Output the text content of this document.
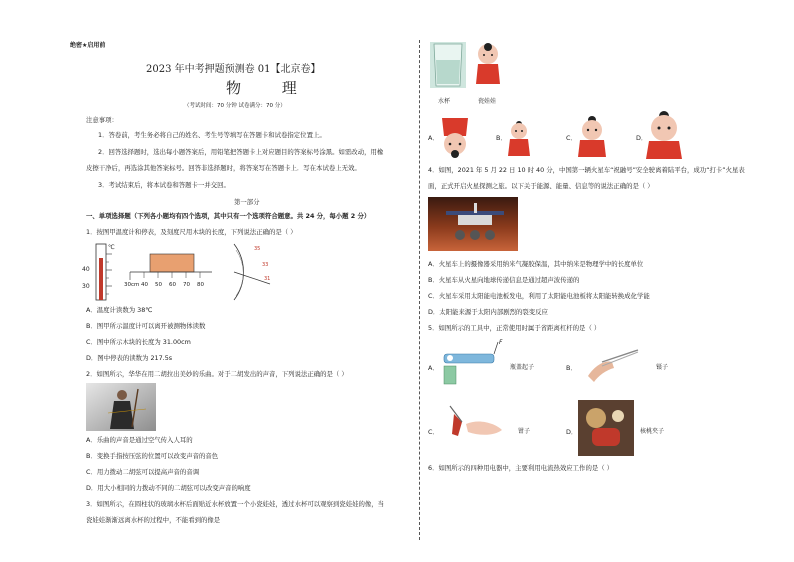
绝密★启用前
2023 年中考押题预测卷 01【北京卷】
物 理
（考试时间：70 分钟 试卷满分：70 分）
注意事项：
1．答卷前，考生务必将自己的姓名、考生号等填写在答题卡和试卷指定位置上。
2．回答选择题时，选出每小题答案后，用铅笔把答题卡上对应题目的答案标号涂黑。如需改动，用橡
皮擦干净后，再选涂其他答案标号。回答非选择题时，将答案写在答题卡上．写在本试卷上无效。
3．考试结束后，将本试卷和答题卡一并交回。
第一部分
一、单项选择题（下列各小题均有四个选项，其中只有一个选项符合题意。共 24 分，每小题 2 分）
1．按图甲温度计和停表，及刻度尺用木块的长度，下列说法正确的是（ ）
℃
40
30	30cm 40 50 60 70 80
35
33
31
A．温度计读数为 38℃
B．图甲所示温度计可以离开被测物体读数
C．图中所示木块的长度为 31.00cm
D．图中停表的读数为 217.5s
2．如图所示，华华在用二胡拉出美妙的乐曲。对于二胡发出的声音，下列说法正确的是（ ）
A．乐曲的声音是通过空气传入人耳的
B．变换手指按压弦的位置可以改变声音的音色
C．用力拨动二胡弦可以提高声音的音调
D．用大小相同的力拨动不同的二胡弦可以改变声音的响度
3．如图所示，在圆柱状的玻璃水杯后面贴近水杯放置一个小瓷娃娃，透过水杯可以观察到瓷娃娃的像，当
瓷娃娃渐渐远离水杯的过程中，不能看到的像是
水杯	瓷娃娃
A．	B．	C．	D．
4．如图，2021 年 5 月 22 日 10 时 40 分，中国第一辆火星车“祝融号”安全驶离着陆平台，成功“打卡”火星表
面，正式开启火星探测之旅。以下关于能源、能量、信息等的说法正确的是（ ）
A．火星车上的摄像器采用纳米气凝胶保温，其中纳米是物理学中的长度单位
B．火星车从火星向地球传递信息是通过超声波传递的
C．火星车采用太阳能电池板发电，利用了太阳能电池板将太阳能转换成化学能
D．太阳能来源于太阳内部剧烈的裂变反应
5．如图所示的工具中，正常使用时属于省距离杠杆的是（ ）
A．
F
瓶盖起子	B．	镊子
C．	钳子	D．	核桃夹子
6．如图所示的四种用电器中，主要利用电流热效应工作的是（ ）
